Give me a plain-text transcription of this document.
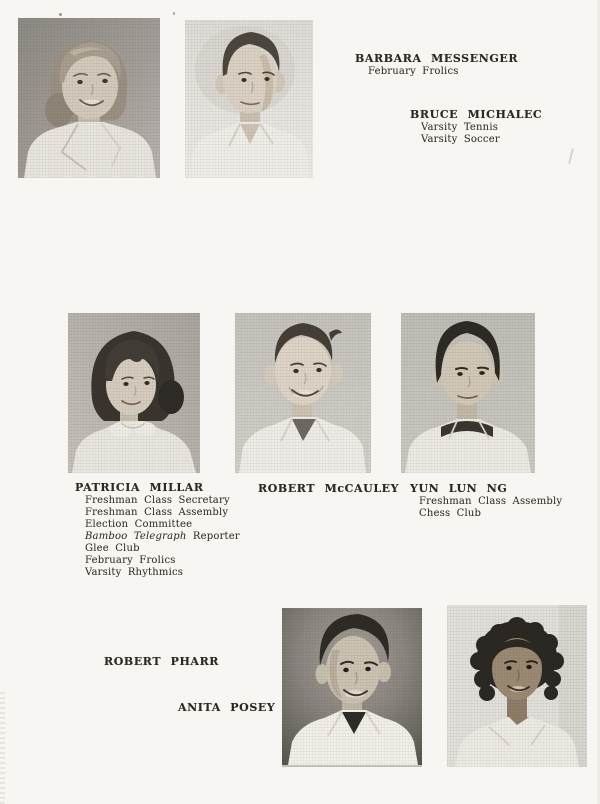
BARBARA MESSENGER
February Frolics
BRUCE MICHALEC
Varsity Tennis
Varsity Soccer
PATRICIA MILLAR
Freshman Class Secretary
Freshman Class Assembly
Election Committee
Bamboo Telegraph Reporter
Glee Club
February Frolics
Varsity Rhythmics
ROBERT McCAULEY YUN LUN NG
Freshman Class Assembly
Chess Club
ROBERT PHARR
ANITA POSEY
